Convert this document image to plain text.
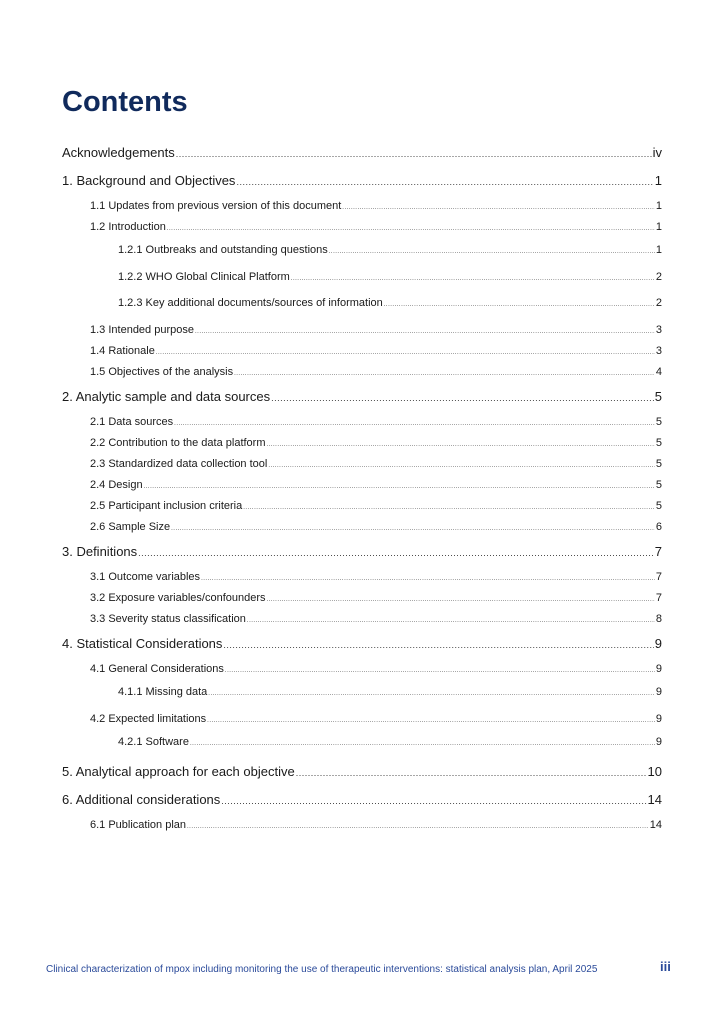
Contents
Acknowledgements .....	iv
1. Background and Objectives .....	1
1.1 Updates from previous version of this document .....	1
1.2 Introduction .....	1
1.2.1 Outbreaks and outstanding questions .....	1
1.2.2 WHO Global Clinical Platform .....	2
1.2.3 Key additional documents/sources of information .....	2
1.3 Intended purpose .....	3
1.4 Rationale .....	3
1.5 Objectives of the analysis .....	4
2. Analytic sample and data sources .....	5
2.1 Data sources .....	5
2.2 Contribution to the data platform .....	5
2.3 Standardized data collection tool .....	5
2.4 Design .....	5
2.5 Participant inclusion criteria .....	5
2.6 Sample Size .....	6
3. Definitions .....	7
3.1 Outcome variables .....	7
3.2 Exposure variables/confounders .....	7
3.3 Severity status classification .....	8
4. Statistical Considerations .....	9
4.1 General Considerations .....	9
4.1.1 Missing data .....	9
4.2 Expected limitations .....	9
4.2.1 Software .....	9
5. Analytical approach for each objective .....	10
6. Additional considerations .....	14
6.1 Publication plan .....	14
Clinical characterization of mpox including monitoring the use of therapeutic interventions: statistical analysis plan, April 2025	iii
